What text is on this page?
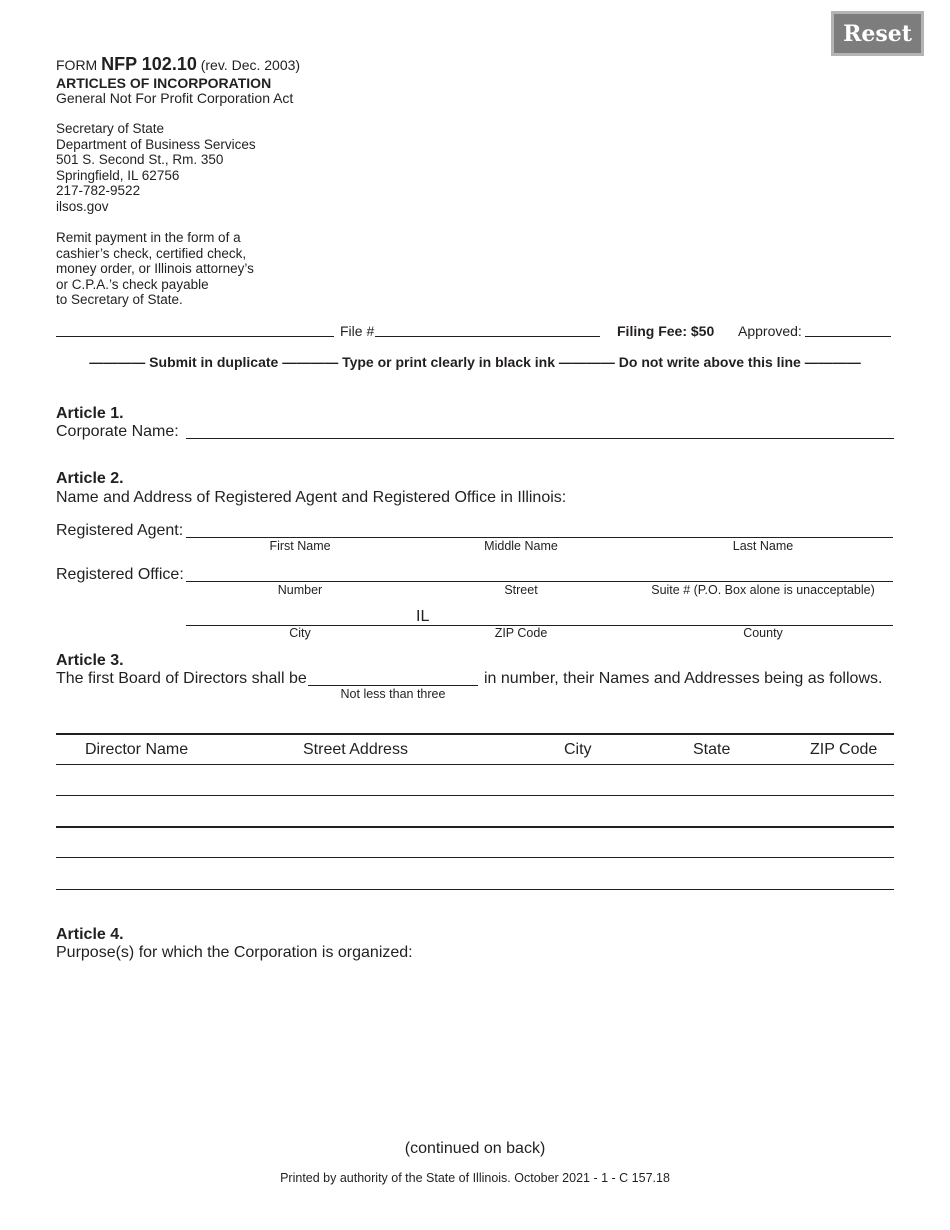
Reset
FORM NFP 102.10 (rev. Dec. 2003)
ARTICLES OF INCORPORATION
General Not For Profit Corporation Act
Secretary of State
Department of Business Services
501 S. Second St., Rm. 350
Springfield, IL 62756
217-782-9522
ilsos.gov
Remit payment in the form of a
cashier’s check, certified check,
money order, or Illinois attorney’s
or C.P.A.’s check payable
to Secretary of State.
File #	Filing Fee: $50 Approved:
———— Submit in duplicate ———— Type or print clearly in black ink ———— Do not write above this line ————
Article 1.
Corporate Name:
Article 2.
Name and Address of Registered Agent and Registered Office in Illinois:
Registered Agent:
First Name	Middle Name	Last Name
Registered Office:
Number	Street	Suite # (P.O. Box alone is unacceptable)
IL
City	ZIP Code	County
Article 3.
The first Board of Directors shall be	in number, their Names and Addresses being as follows.
Not less than three
Director Name	Street Address	City	State	ZIP Code
Article 4.
Purpose(s) for which the Corporation is organized:
(continued on back)
Printed by authority of the State of Illinois. October 2021 - 1 - C 157.18
